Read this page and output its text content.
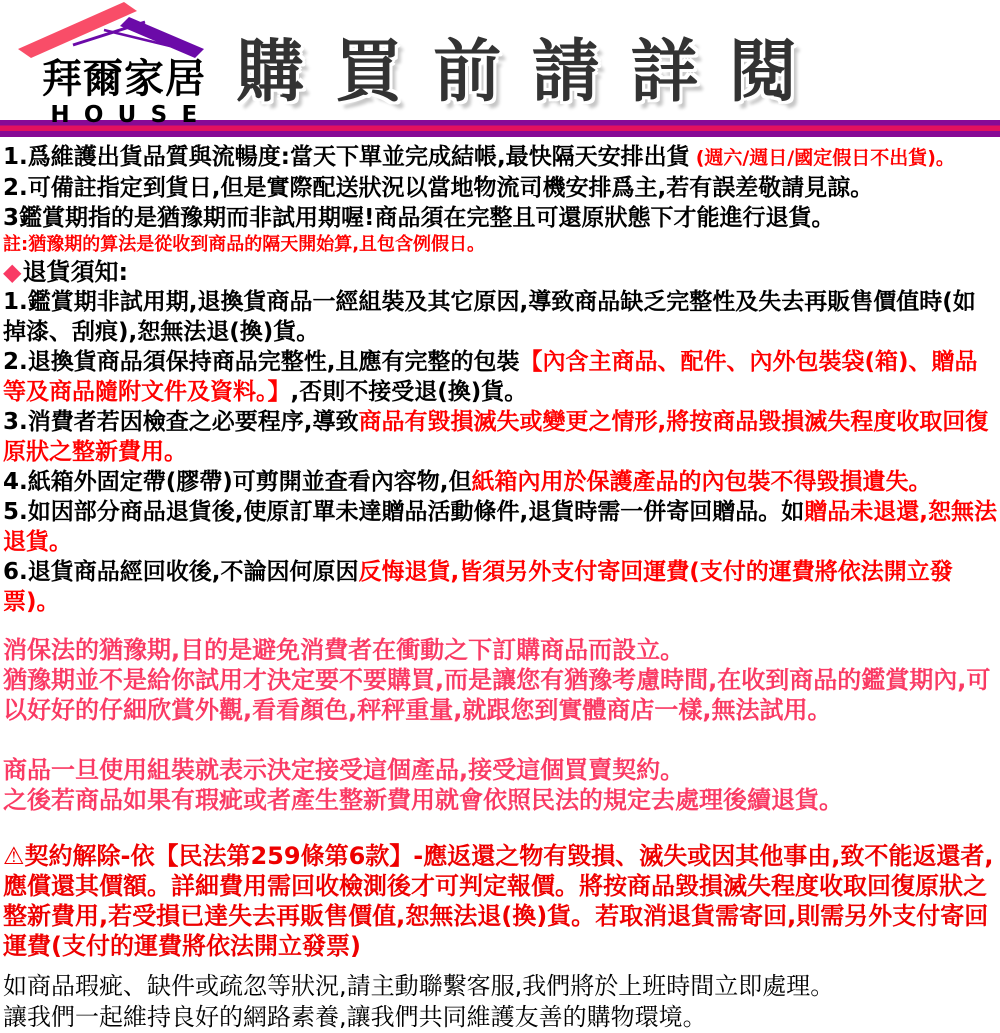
拜爾家居
HOUSE
購買前請詳閱

1.爲維護出貨品質與流暢度:當天下單並完成結帳,最快隔天安排出貨 (週六/週日/國定假日不出貨)。

2.可備註指定到貨日,但是實際配送狀況以當地物流司機安排爲主,若有誤差敬請見諒。

3鑑賞期指的是猶豫期而非試用期喔!商品須在完整且可還原狀態下才能進行退貨。

註:猶豫期的算法是從收到商品的隔天開始算,且包含例假日。

◆退貨須知:

1.鑑賞期非試用期,退換貨商品一經組裝及其它原因,導致商品缺乏完整性及失去再販售價值時(如掉漆、刮痕),恕無法退(換)貨。

2.退換貨商品須保持商品完整性,且應有完整的包裝【內含主商品、配件、內外包裝袋(箱)、贈品等及商品隨附文件及資料。】,否則不接受退(換)貨。

3.消費者若因檢查之必要程序,導致商品有毀損滅失或變更之情形,將按商品毀損滅失程度收取回復原狀之整新費用。

4.紙箱外固定帶(膠帶)可剪開並查看內容物,但紙箱內用於保護產品的內包裝不得毀損遺失。

5.如因部分商品退貨後,使原訂單未達贈品活動條件,退貨時需一併寄回贈品。如贈品未退還,恕無法退貨。

6.退貨商品經回收後,不論因何原因反悔退貨,皆須另外支付寄回運費(支付的運費將依法開立發票)。

消保法的猶豫期,目的是避免消費者在衝動之下訂購商品而設立。

猶豫期並不是給你試用才決定要不要購買,而是讓您有猶豫考慮時間,在收到商品的鑑賞期內,可以好好的仔細欣賞外觀,看看顏色,秤秤重量,就跟您到實體商店一樣,無法試用。

商品一旦使用組裝就表示決定接受這個產品,接受這個買賣契約。

之後若商品如果有瑕疵或者產生整新費用就會依照民法的規定去處理後續退貨。

⚠契約解除-依【民法第259條第6款】-應返還之物有毀損、滅失或因其他事由,致不能返還者,應償還其價額。詳細費用需回收檢測後才可判定報價。將按商品毀損滅失程度收取回復原狀之整新費用,若受損已達失去再販售價值,恕無法退(換)貨。若取消退貨需寄回,則需另外支付寄回運費(支付的運費將依法開立發票)

如商品瑕疵、缺件或疏忽等狀況,請主動聯繫客服,我們將於上班時間立即處理。

讓我們一起維持良好的網路素養,讓我們共同維護友善的購物環境。
